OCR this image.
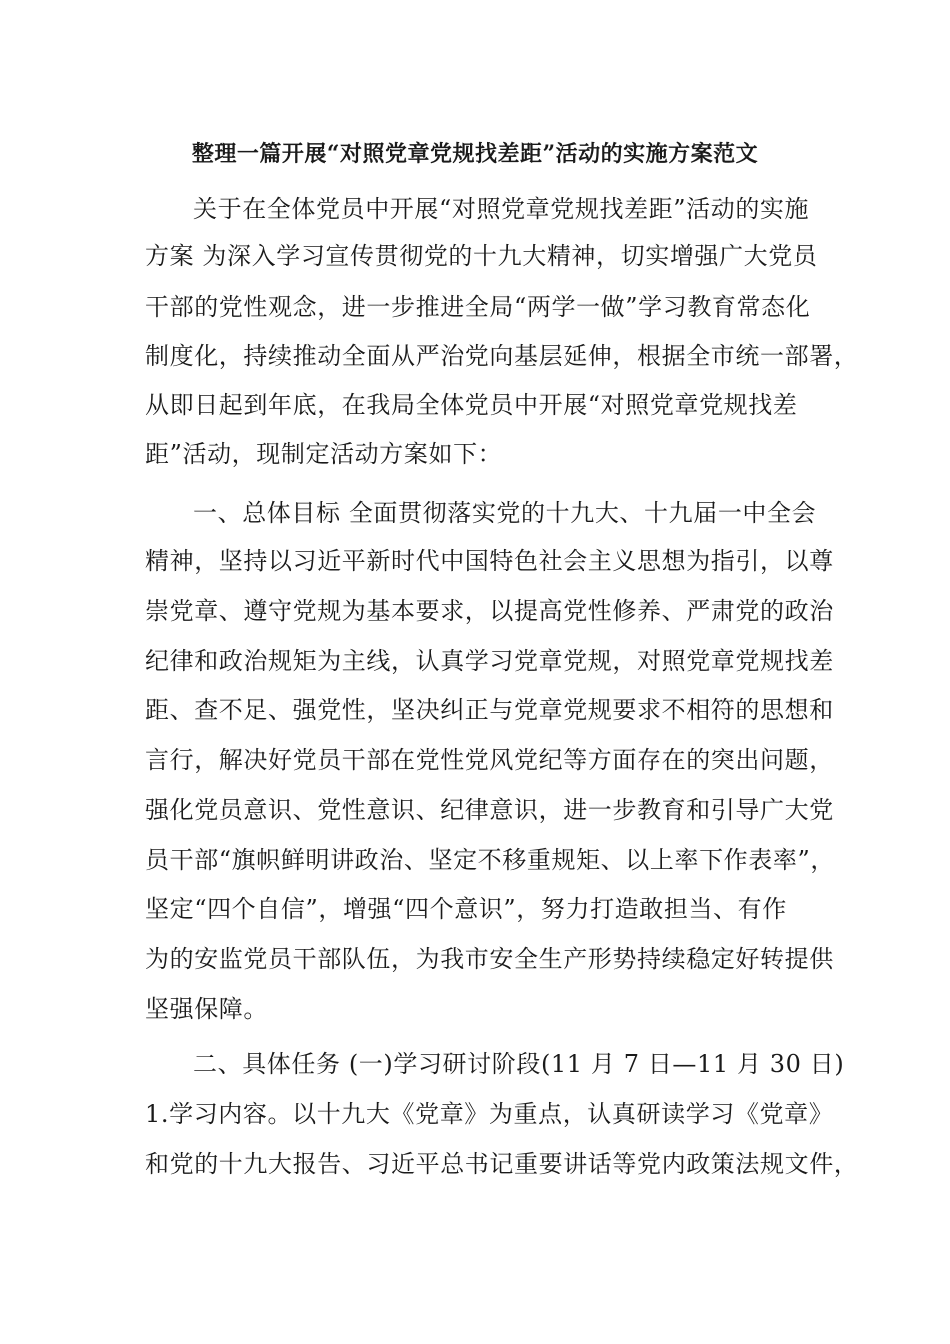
整理一篇开展“对照党章党规找差距”活动的实施方案范文
关于在全体党员中开展“对照党章党规找差距”活动的实施
方案 为深入学习宣传贯彻党的十九大精神，切实增强广大党员
干部的党性观念，进一步推进全局“两学一做”学习教育常态化
制度化，持续推动全面从严治党向基层延伸，根据全市统一部署，
从即日起到年底，在我局全体党员中开展“对照党章党规找差
距”活动，现制定活动方案如下：
一、总体目标 全面贯彻落实党的十九大、十九届一中全会
精神，坚持以习近平新时代中国特色社会主义思想为指引，以尊
崇党章、遵守党规为基本要求，以提高党性修养、严肃党的政治
纪律和政治规矩为主线，认真学习党章党规，对照党章党规找差
距、查不足、强党性，坚决纠正与党章党规要求不相符的思想和
言行，解决好党员干部在党性党风党纪等方面存在的突出问题，
强化党员意识、党性意识、纪律意识，进一步教育和引导广大党
员干部“旗帜鲜明讲政治、坚定不移重规矩、以上率下作表率”，
坚定“四个自信”，增强“四个意识”，努力打造敢担当、有作
为的安监党员干部队伍，为我市安全生产形势持续稳定好转提供
坚强保障。
二、具体任务 (一)学习研讨阶段(11 月 7 日—11 月 30 日)
1.学习内容。以十九大《党章》为重点，认真研读学习《党章》
和党的十九大报告、习近平总书记重要讲话等党内政策法规文件，
